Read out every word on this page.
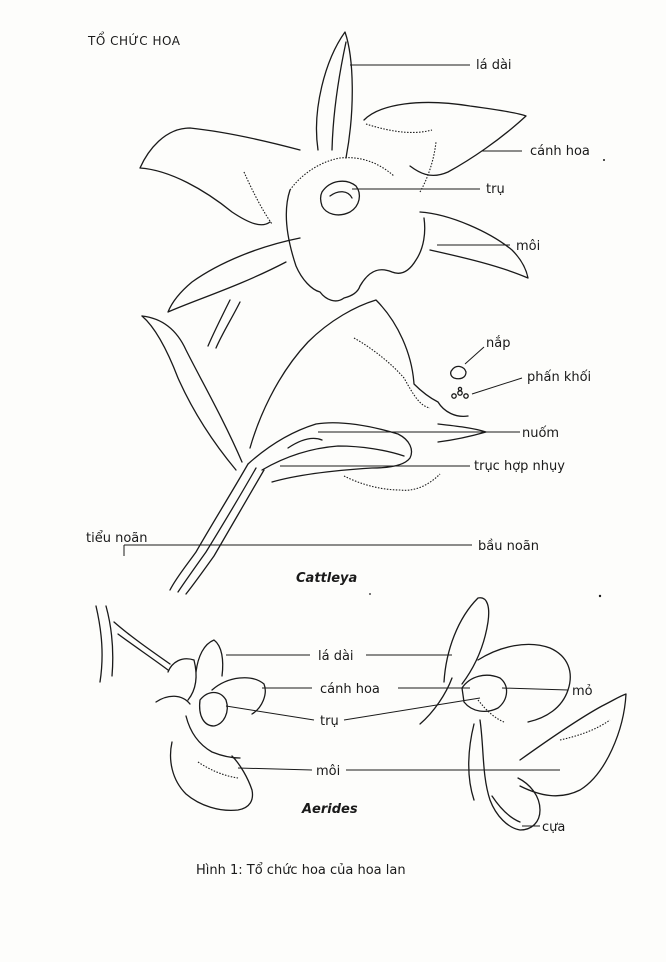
TỔ CHỨC HOA
lá dài
cánh hoa
trụ
môi
nắp
phấn khối
nuốm
trục hợp nhụy
tiểu noãn
bầu noãn
Cattleya
lá dài
cánh hoa
trụ
môi
mỏ
cựa
Aerides
Hình 1: Tổ chức hoa của hoa lan
